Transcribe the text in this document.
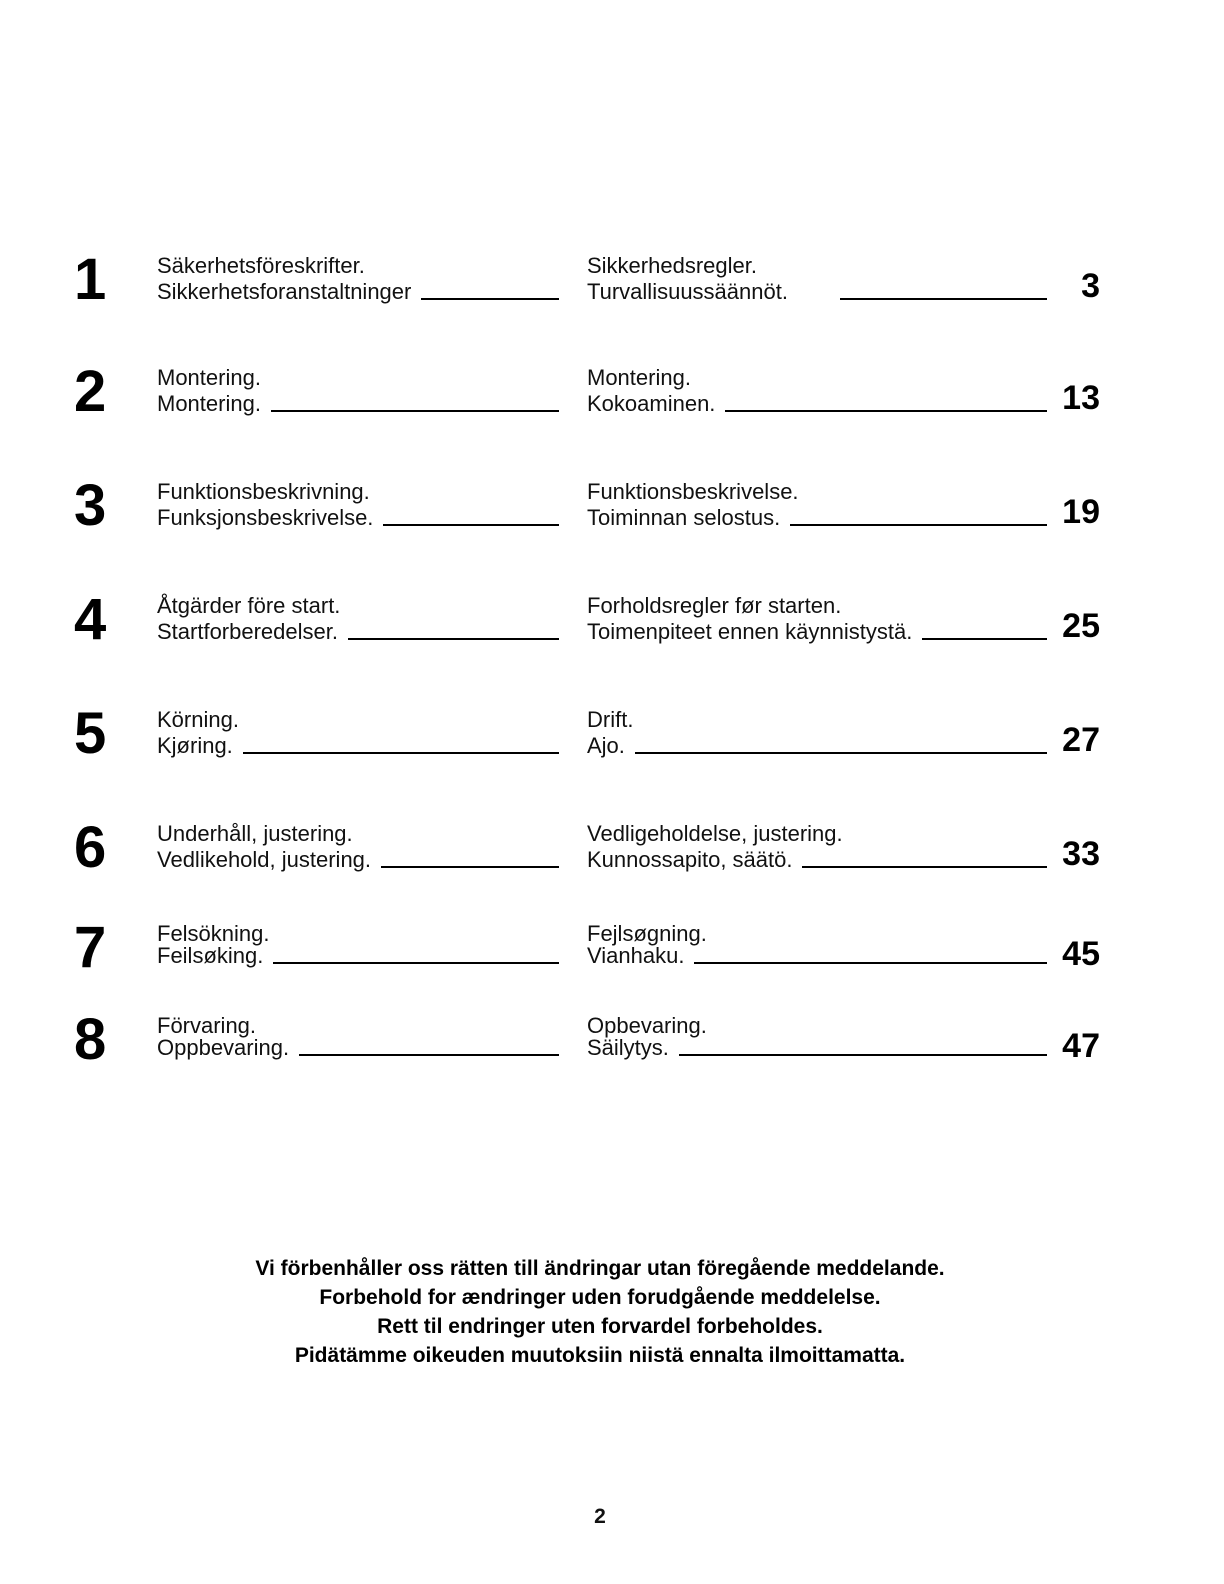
1	Säkerhetsföreskrifter.
Sikkerhetsforanstaltninger
Sikkerhedsregler.
Turvallisuussäännöt.	3
2	Montering.
Montering.
Montering.
Kokoaminen.	13
3	Funktionsbeskrivning.
Funksjonsbeskrivelse.
Funktionsbeskrivelse.
Toiminnan selostus.	19
4	Åtgärder före start.
Startforberedelser.
Forholdsregler før starten.
Toimenpiteet ennen käynnistystä.	25
5	Körning.
Kjøring.
Drift.
Ajo.	27
6	Underhåll, justering.
Vedlikehold, justering.
Vedligeholdelse, justering.
Kunnossapito, säätö.	33
7	Felsökning.
Feilsøking.
Fejlsøgning.
Vianhaku.	45
8	Förvaring.
Oppbevaring.
Opbevaring.
Säilytys.	47
Vi förbenhåller oss rätten till ändringar utan föregående meddelande.
Forbehold for ændringer uden forudgående meddelelse.
Rett til endringer uten forvardel forbeholdes.
Pidätämme oikeuden muutoksiin niistä ennalta ilmoittamatta.
2
